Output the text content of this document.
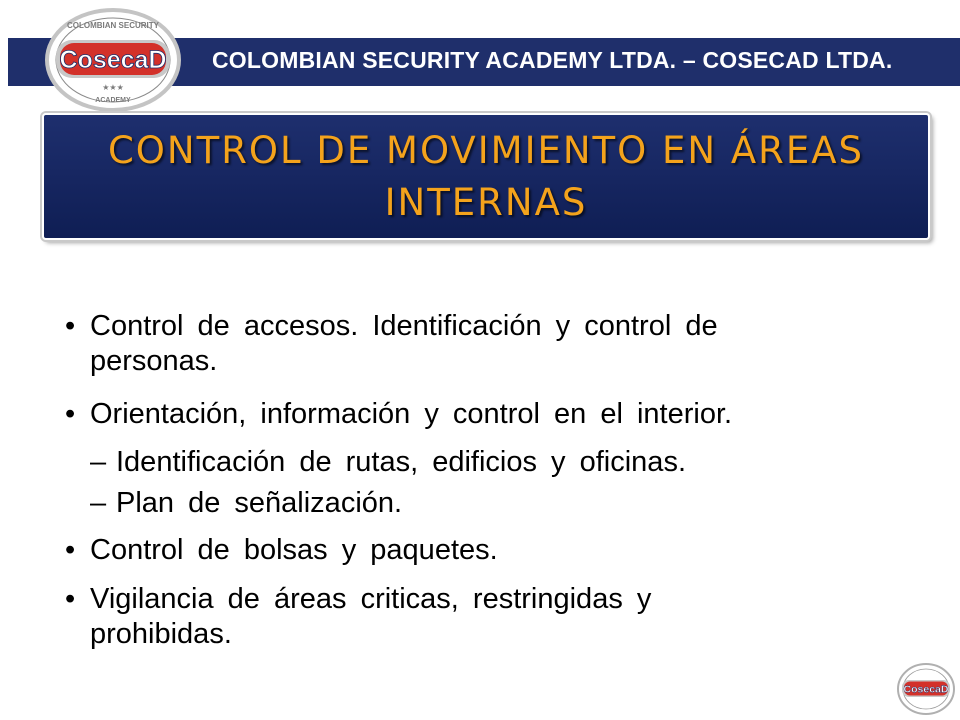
COLOMBIAN SECURITY
CosecaD
★★★
ACADEMY
COLOMBIAN SECURITY ACADEMY LTDA. – COSECAD LTDA.
CONTROL DE MOVIMIENTO EN ÁREAS
INTERNAS
• Control de accesos. Identificación y control de
personas.
• Orientación, información y control en el interior.
– Identificación de rutas, edificios y oficinas.
– Plan de señalización.
• Control de bolsas y paquetes.
• Vigilancia de áreas criticas, restringidas y
prohibidas.
CosecaD
